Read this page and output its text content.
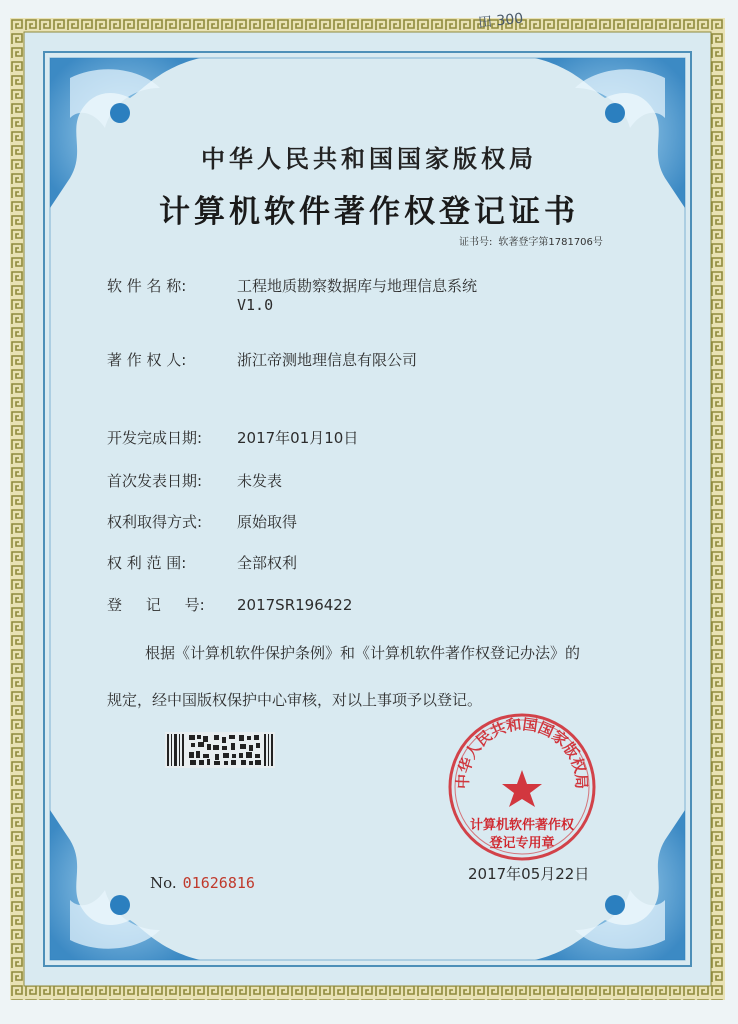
田 300
中华人民共和国国家版权局
计算机软件著作权登记证书
证书号: 软著登字第1781706号
软 件 名 称:	工程地质勘察数据库与地理信息系统
V1.0
著 作 权 人:	浙江帝测地理信息有限公司
开发完成日期: 2017年01月10日
首次发表日期: 未发表
权利取得方式: 原始取得
权 利 范 围:	全部权利
登     记     号: 2017SR196422
根据《计算机软件保护条例》和《计算机软件著作权登记办法》的
规定，经中国版权保护中心审核，对以上事项予以登记。
No. 01626816	2017年05月22日
中华人民共和国国家版权局
计算机软件著作权
登记专用章
